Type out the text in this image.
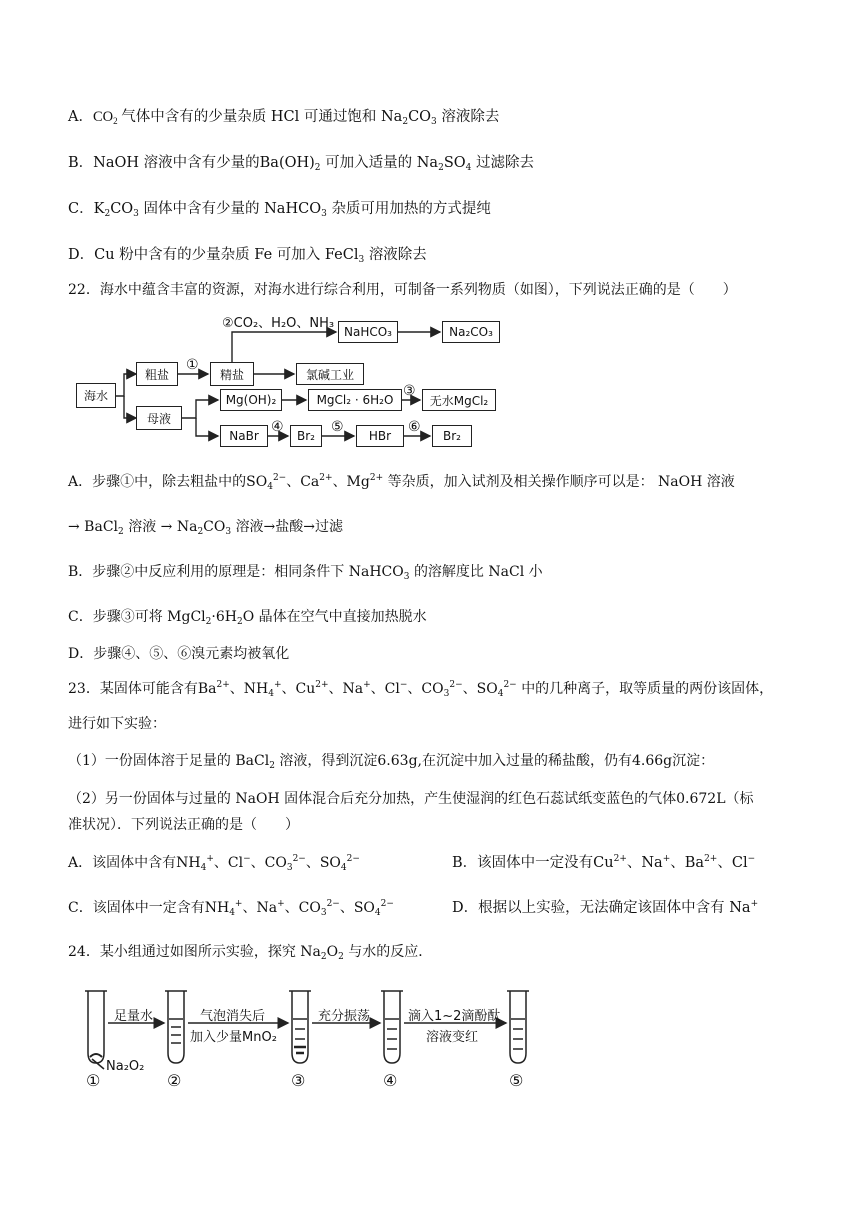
A．$CO_2$ 气体中含有的少量杂质 HCl 可通过饱和 $Na_2CO_3$ 溶液除去
B．NaOH 溶液中含有少量的$Ba(OH)_2$ 可加入适量的 $Na_2SO_4$ 过滤除去
C．$K_2CO_3$ 固体中含有少量的 NaHCO$_3$ 杂质可用加热的方式提纯
D．Cu 粉中含有的少量杂质 Fe 可加入 FeCl$_3$ 溶液除去
22．海水中蕴含丰富的资源，对海水进行综合利用，可制备一系列物质（如图），下列说法正确的是（　　）
海水
粗盐	精盐
母液
NaHCO₃	Na₂CO₃
氯碱工业
Mg(OH)₂	MgCl₂ · 6H₂O	无水MgCl₂
NaBr	Br₂	HBr	Br₂
①
②CO₂、H₂O、NH₃
③
④	⑤	⑥
A．步骤①中，除去粗盐中的$SO_4^{2-}$、$Ca^{2+}$、$Mg^{2+}$ 等杂质，加入试剂及相关操作顺序可以是： NaOH 溶液
→ BaCl$_2$ 溶液 → $Na_2CO_3$ 溶液→盐酸→过滤
B．步骤②中反应利用的原理是：相同条件下 NaHCO$_3$ 的溶解度比 NaCl 小
C．步骤③可将 $MgCl_2\cdot 6H_2O$ 晶体在空气中直接加热脱水
D．步骤④、⑤、⑥溴元素均被氧化
23．某固体可能含有$Ba^{2+}$、$NH_4^+$、$Cu^{2+}$、Na+、Cl−、$CO_3^{2-}$、$SO_4^{2-}$ 中的几种离子，取等质量的两份该固体，
进行如下实验：
（1）一份固体溶于足量的 BaCl$_2$ 溶液，得到沉淀6.63g,在沉淀中加入过量的稀盐酸，仍有4.66g沉淀：
（2）另一份固体与过量的 NaOH 固体混合后充分加热，产生使湿润的红色石蕊试纸变蓝色的气体0.672L（标
准状况）．下列说法正确的是（　　）
A．该固体中含有$NH_4^+$、Cl−、$CO_3^{2-}$、$SO_4^{2-}$	B．该固体中一定没有$Cu^{2+}$、Na+、$Ba^{2+}$、Cl−
C．该固体中一定含有$NH_4^+$、Na+、$CO_3^{2-}$、$SO_4^{2-}$	D．根据以上实验，无法确定该固体中含有 Na+
24．某小组通过如图所示实验，探究 $Na_2O_2$ 与水的反应．
足量水	气泡消失后
加入少量MnO₂
充分振荡	滴入1~2滴酚酞
溶液变红
Na₂O₂
①	②	③	④	⑤
